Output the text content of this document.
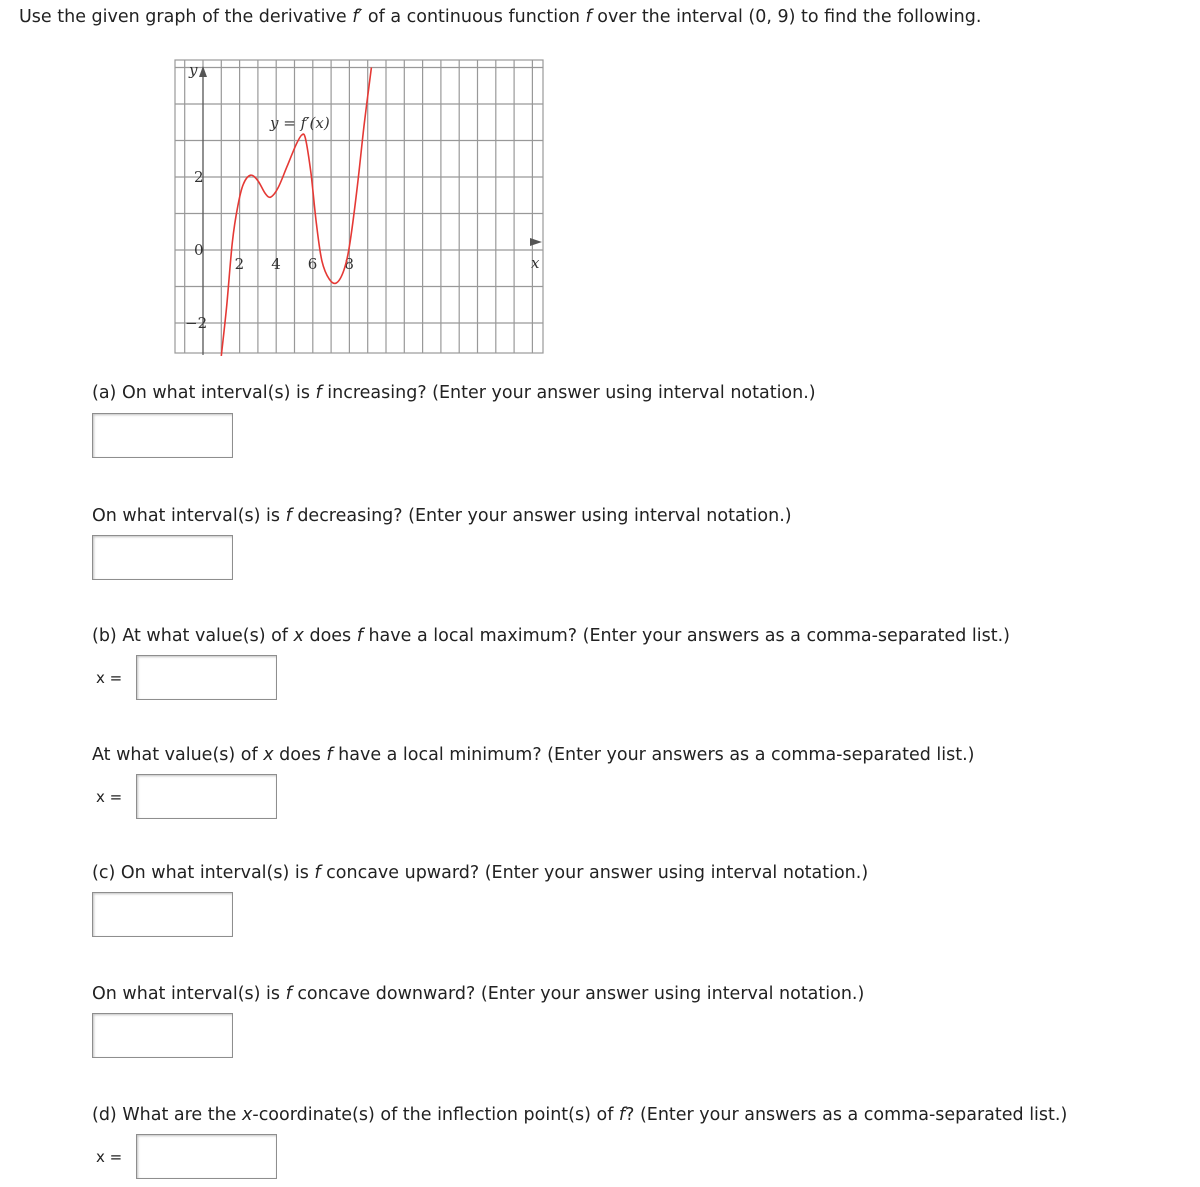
Use the given graph of the derivative f′ of a continuous function f over the interval (0, 9) to find the following.
y
x
y = f′(x)
2 4 6 8
2
0
−2
(a) On what interval(s) is f increasing? (Enter your answer using interval notation.)
On what interval(s) is f decreasing? (Enter your answer using interval notation.)
(b) At what value(s) of x does f have a local maximum? (Enter your answers as a comma-separated list.)
x =
At what value(s) of x does f have a local minimum? (Enter your answers as a comma-separated list.)
x =
(c) On what interval(s) is f concave upward? (Enter your answer using interval notation.)
On what interval(s) is f concave downward? (Enter your answer using interval notation.)
(d) What are the x-coordinate(s) of the inflection point(s) of f? (Enter your answers as a comma-separated list.)
x =
